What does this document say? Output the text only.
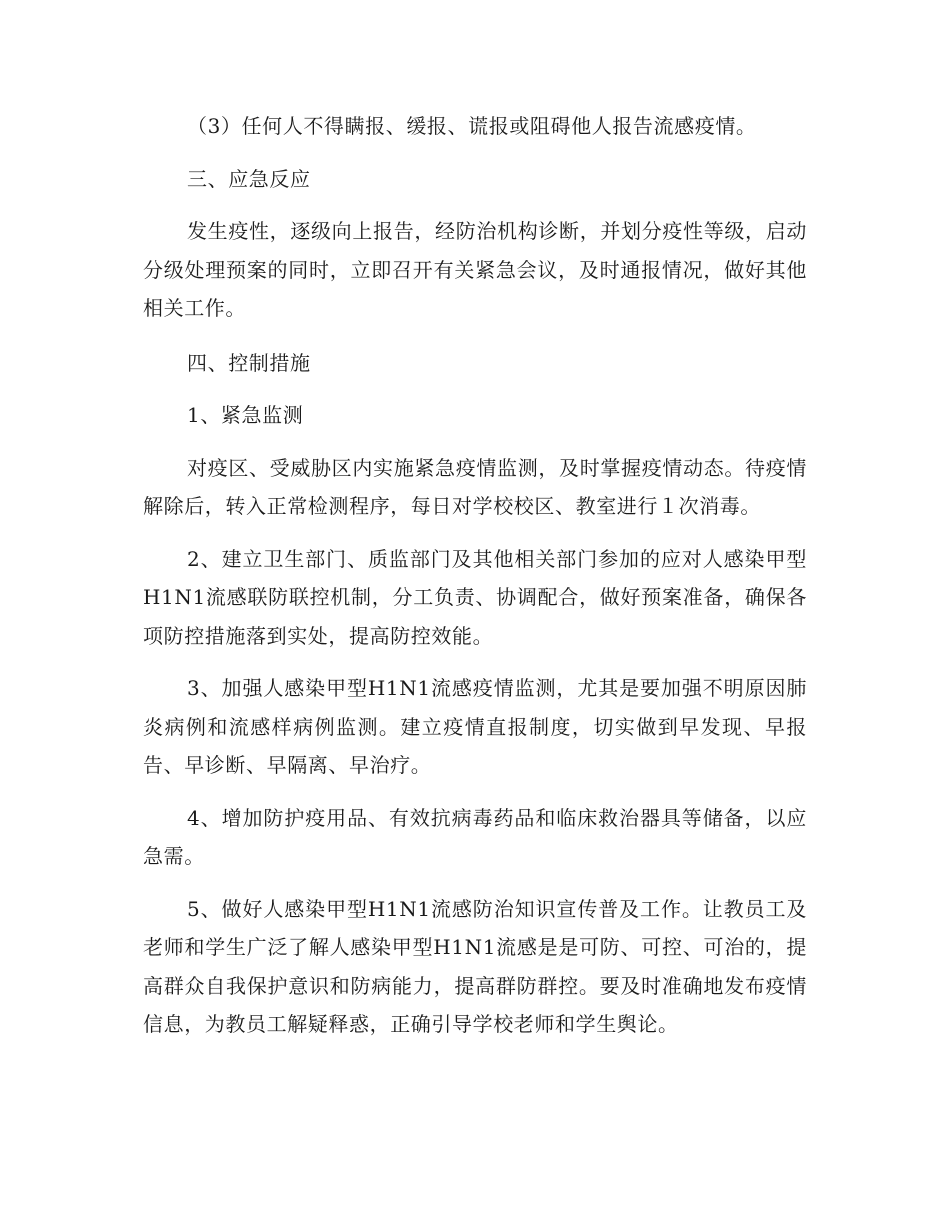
（3）任何人不得瞒报、缓报、谎报或阻碍他人报告流感疫情。

三、应急反应

发生疫性，逐级向上报告，经防治机构诊断，并划分疫性等级，启动分级处理预案的同时，立即召开有关紧急会议，及时通报情况，做好其他相关工作。

四、控制措施

1、紧急监测

对疫区、受威胁区内实施紧急疫情监测，及时掌握疫情动态。待疫情解除后，转入正常检测程序，每日对学校校区、教室进行１次消毒。

2、建立卫生部门、质监部门及其他相关部门参加的应对人感染甲型H1N1流感联防联控机制，分工负责、协调配合，做好预案准备，确保各项防控措施落到实处，提高防控效能。

3、加强人感染甲型H1N1流感疫情监测，尤其是要加强不明原因肺炎病例和流感样病例监测。建立疫情直报制度，切实做到早发现、早报告、早诊断、早隔离、早治疗。

4、增加防护疫用品、有效抗病毒药品和临床救治器具等储备，以应急需。

5、做好人感染甲型H1N1流感防治知识宣传普及工作。让教员工及老师和学生广泛了解人感染甲型H1N1流感是是可防、可控、可治的，提高群众自我保护意识和防病能力，提高群防群控。要及时准确地发布疫情信息，为教员工解疑释惑，正确引导学校老师和学生舆论。
